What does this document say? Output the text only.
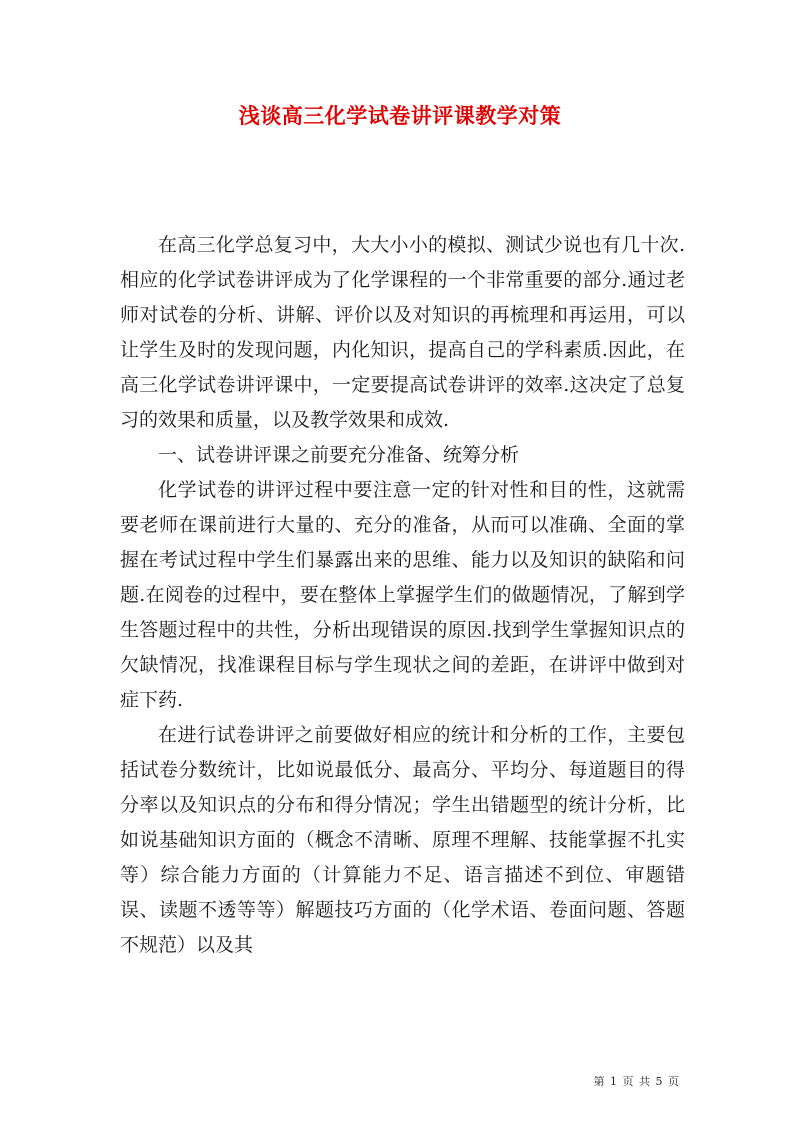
浅谈高三化学试卷讲评课教学对策

在高三化学总复习中，大大小小的模拟、测试少说也有几十次.相应的化学试卷讲评成为了化学课程的一个非常重要的部分.通过老师对试卷的分析、讲解、评价以及对知识的再梳理和再运用，可以让学生及时的发现问题，内化知识，提高自己的学科素质.因此，在高三化学试卷讲评课中，一定要提高试卷讲评的效率.这决定了总复习的效果和质量，以及教学效果和成效.

一、试卷讲评课之前要充分准备、统筹分析

化学试卷的讲评过程中要注意一定的针对性和目的性，这就需要老师在课前进行大量的、充分的准备，从而可以准确、全面的掌握在考试过程中学生们暴露出来的思维、能力以及知识的缺陷和问题.在阅卷的过程中，要在整体上掌握学生们的做题情况，了解到学生答题过程中的共性，分析出现错误的原因.找到学生掌握知识点的欠缺情况，找准课程目标与学生现状之间的差距，在讲评中做到对症下药.

在进行试卷讲评之前要做好相应的统计和分析的工作，主要包括试卷分数统计，比如说最低分、最高分、平均分、每道题目的得分率以及知识点的分布和得分情况；学生出错题型的统计分析，比如说基础知识方面的（概念不清晰、原理不理解、技能掌握不扎实等）综合能力方面的（计算能力不足、语言描述不到位、审题错误、读题不透等等）解题技巧方面的（化学术语、卷面问题、答题不规范）以及其

第 1 页 共 5 页
